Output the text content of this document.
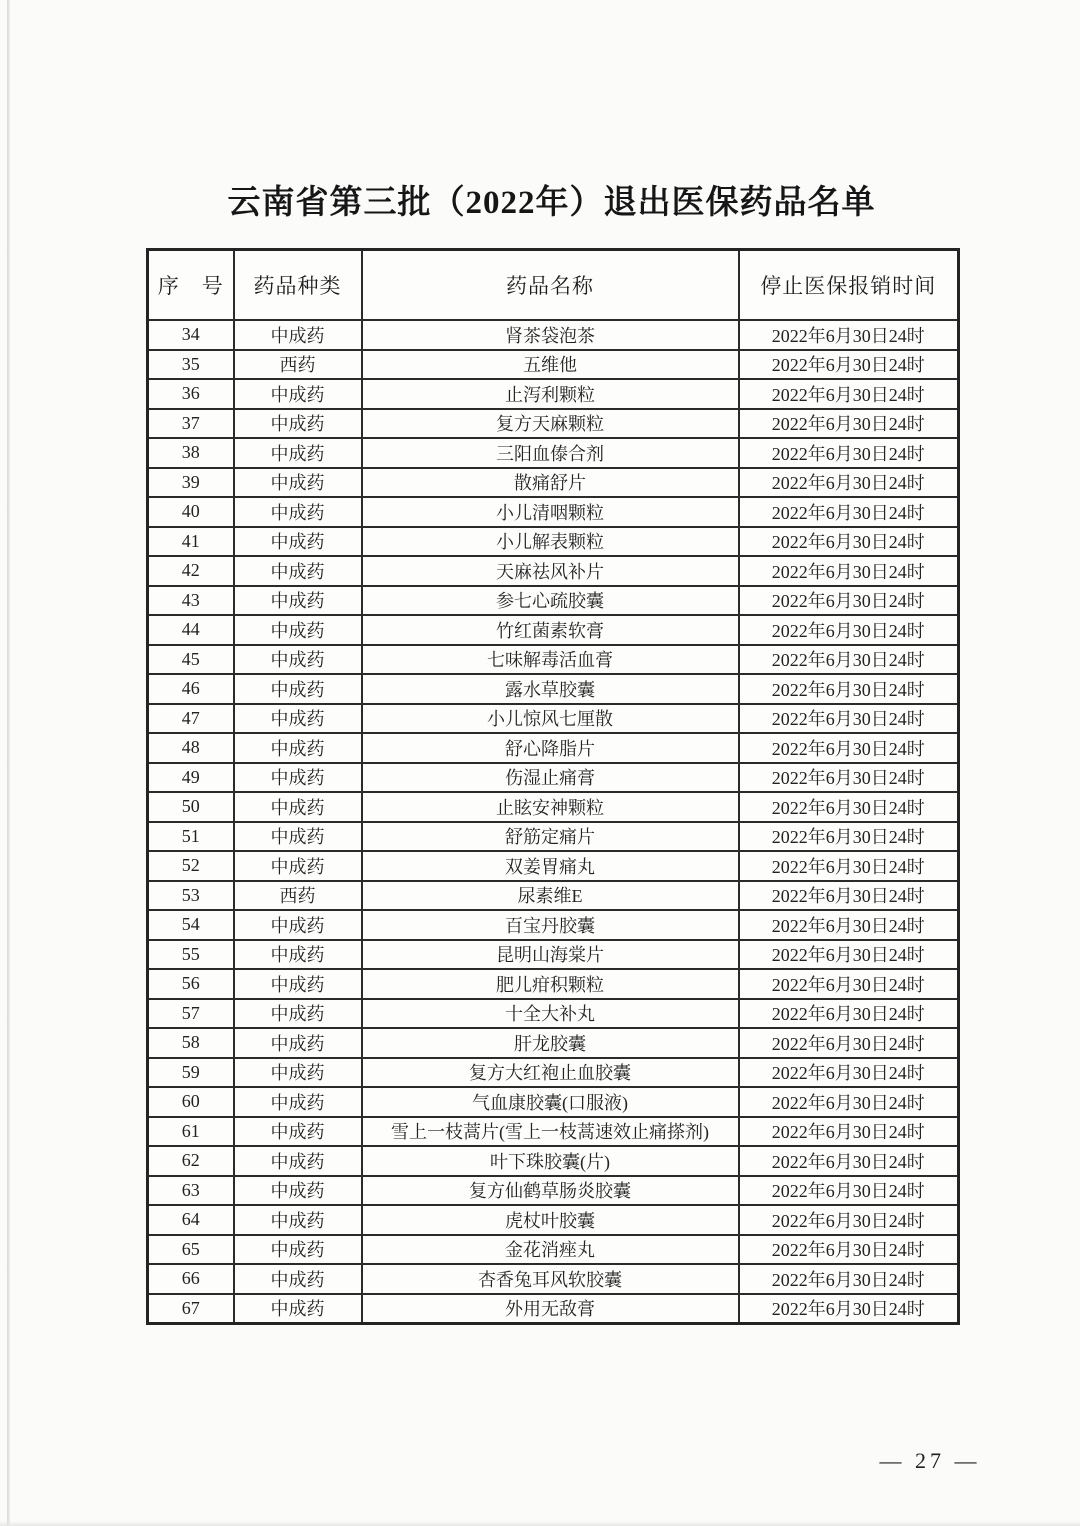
云南省第三批（2022年）退出医保药品名单
序　号	药品种类	药品名称	停止医保报销时间
34	中成药	肾茶袋泡茶	2022年6月30日24时
35	西药	五维他	2022年6月30日24时
36	中成药	止泻利颗粒	2022年6月30日24时
37	中成药	复方天麻颗粒	2022年6月30日24时
38	中成药	三阳血傣合剂	2022年6月30日24时
39	中成药	散痛舒片	2022年6月30日24时
40	中成药	小儿清咽颗粒	2022年6月30日24时
41	中成药	小儿解表颗粒	2022年6月30日24时
42	中成药	天麻祛风补片	2022年6月30日24时
43	中成药	参七心疏胶囊	2022年6月30日24时
44	中成药	竹红菌素软膏	2022年6月30日24时
45	中成药	七味解毒活血膏	2022年6月30日24时
46	中成药	露水草胶囊	2022年6月30日24时
47	中成药	小儿惊风七厘散	2022年6月30日24时
48	中成药	舒心降脂片	2022年6月30日24时
49	中成药	伤湿止痛膏	2022年6月30日24时
50	中成药	止眩安神颗粒	2022年6月30日24时
51	中成药	舒筋定痛片	2022年6月30日24时
52	中成药	双姜胃痛丸	2022年6月30日24时
53	西药	尿素维E	2022年6月30日24时
54	中成药	百宝丹胶囊	2022年6月30日24时
55	中成药	昆明山海棠片	2022年6月30日24时
56	中成药	肥儿疳积颗粒	2022年6月30日24时
57	中成药	十全大补丸	2022年6月30日24时
58	中成药	肝龙胶囊	2022年6月30日24时
59	中成药	复方大红袍止血胶囊	2022年6月30日24时
60	中成药	气血康胶囊(口服液)	2022年6月30日24时
61	中成药	雪上一枝蒿片(雪上一枝蒿速效止痛搽剂)	2022年6月30日24时
62	中成药	叶下珠胶囊(片)	2022年6月30日24时
63	中成药	复方仙鹤草肠炎胶囊	2022年6月30日24时
64	中成药	虎杖叶胶囊	2022年6月30日24时
65	中成药	金花消痤丸	2022年6月30日24时
66	中成药	杏香兔耳风软胶囊	2022年6月30日24时
67	中成药	外用无敌膏	2022年6月30日24时
— 27 —
